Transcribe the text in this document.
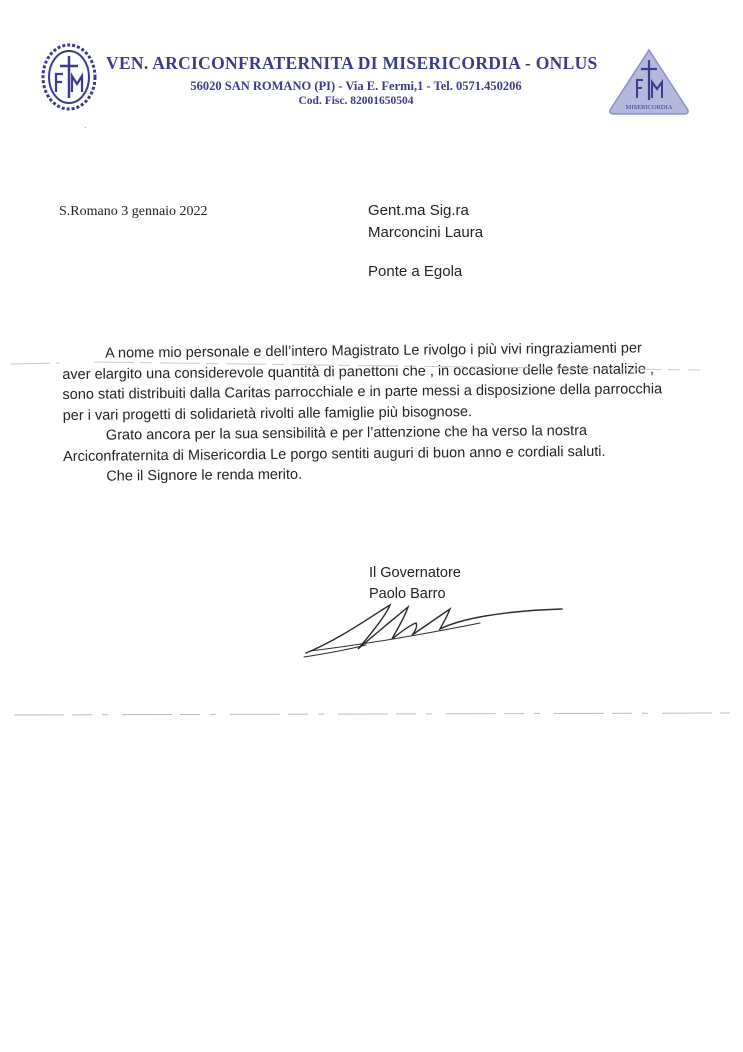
VEN. ARCICONFRATERNITA DI MISERICORDIA - ONLUS
56020 SAN ROMANO (PI) - Via E. Fermi,1 - Tel. 0571.450206
Cod. Fisc. 82001650504
MISERICORDIA
S.Romano 3 gennaio 2022	Gent.ma Sig.ra
Marconcini Laura
Ponte a Egola

A nome mio personale e dell’intero Magistrato Le rivolgo i più vivi ringraziamenti per aver elargito una considerevole quantità di panettoni che , in occasione delle feste natalizie , sono stati distribuiti dalla Caritas parrocchiale e in parte messi a disposizione della parrocchia per i vari progetti di solidarietà rivolti alle famiglie più bisognose.

Grato ancora per la sua sensibilità e per l’attenzione che ha verso la nostra Arciconfraternita di Misericordia Le porgo sentiti auguri di buon anno e cordiali saluti.

Che il Signore le renda merito.

Il Governatore
Paolo Barro
